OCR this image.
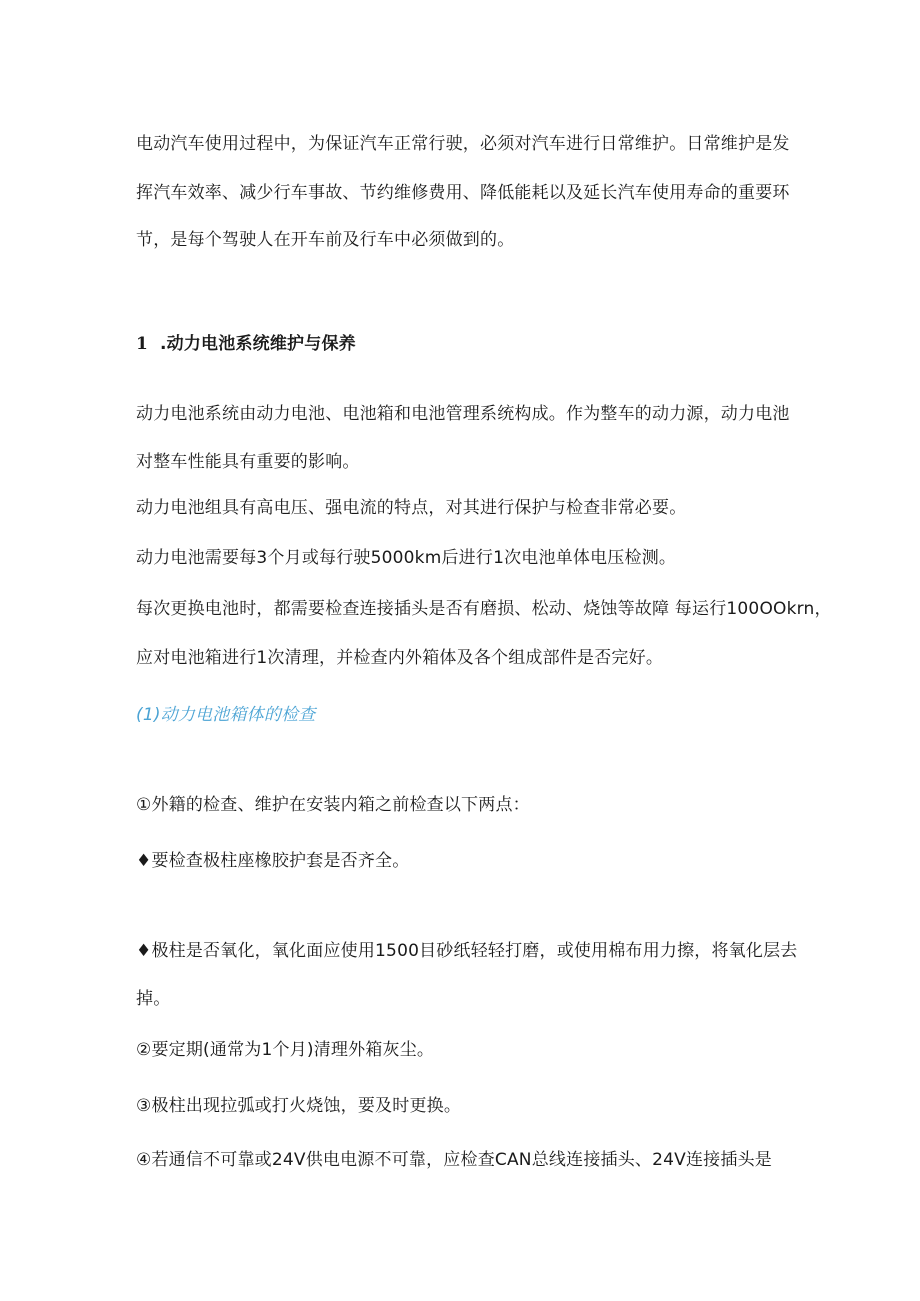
电动汽车使用过程中，为保证汽车正常行驶，必须对汽车进行日常维护。日常维护是发
挥汽车效率、减少行车事故、节约维修费用、降低能耗以及延长汽车使用寿命的重要环
节，是每个驾驶人在开车前及行车中必须做到的。
1 .动力电池系统维护与保养
动力电池系统由动力电池、电池箱和电池管理系统构成。作为整车的动力源，动力电池
对整车性能具有重要的影响。
动力电池组具有高电压、强电流的特点，对其进行保护与检查非常必要。
动力电池需要每3个月或每行驶5000km后进行1次电池单体电压检测。
每次更换电池时，都需要检查连接插头是否有磨损、松动、烧蚀等故障 每运行100OOkrn，
应对电池箱进行1次清理，并检查内外箱体及各个组成部件是否完好。
(1)动力电池箱体的检查
①外籍的检查、维护在安装内箱之前检查以下两点：
♦要检查极柱座橡胶护套是否齐全。
♦极柱是否氧化，氧化面应使用1500目砂纸轻轻打磨，或使用棉布用力擦，将氧化层去
掉。
②要定期(通常为1个月)清理外箱灰尘。
③极柱出现拉弧或打火烧蚀，要及时更换。
④若通信不可靠或24V供电电源不可靠，应检查CAN总线连接插头、24V连接插头是
